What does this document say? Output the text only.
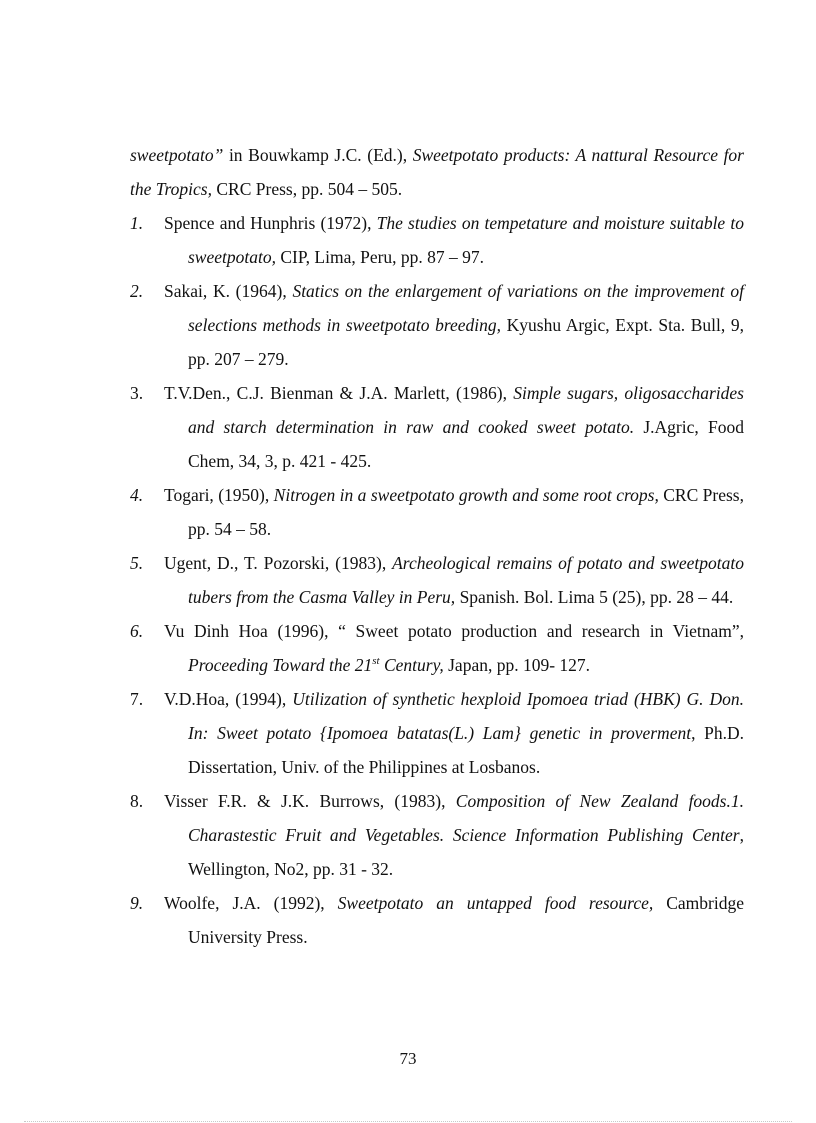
sweetpotato” in Bouwkamp J.C. (Ed.), Sweetpotato products: A nattural Resource for the Tropics, CRC Press, pp. 504 – 505.

1. Spence and Hunphris (1972), The studies on tempetature and moisture suitable to sweetpotato, CIP, Lima, Peru, pp. 87 – 97.

2. Sakai, K. (1964), Statics on the enlargement of variations on the improvement of selections methods in sweetpotato breeding, Kyushu Argic, Expt. Sta. Bull, 9, pp. 207 – 279.

3. T.V.Den., C.J. Bienman & J.A. Marlett, (1986), Simple sugars, oligosaccharides and starch determination in raw and cooked sweet potato. J.Agric, Food Chem, 34, 3, p. 421 - 425.

4. Togari, (1950), Nitrogen in a sweetpotato growth and some root crops, CRC Press, pp. 54 – 58.

5. Ugent, D., T. Pozorski, (1983), Archeological remains of potato and sweetpotato tubers from the Casma Valley in Peru, Spanish. Bol. Lima 5 (25), pp. 28 – 44.

6. Vu Dinh Hoa (1996), “ Sweet potato production and research in Vietnam”, Proceeding Toward the 21st Century, Japan, pp. 109- 127.

7. V.D.Hoa, (1994), Utilization of synthetic hexploid Ipomoea triad (HBK) G. Don. In: Sweet potato {Ipomoea batatas(L.) Lam} genetic in proverment, Ph.D. Dissertation, Univ. of the Philippines at Losbanos.

8. Visser F.R. & J.K. Burrows, (1983), Composition of New Zealand foods.1. Charastestic Fruit and Vegetables. Science Information Publishing Center, Wellington, No2, pp. 31 - 32.

9. Woolfe, J.A. (1992), Sweetpotato an untapped food resource, Cambridge University Press.

73
